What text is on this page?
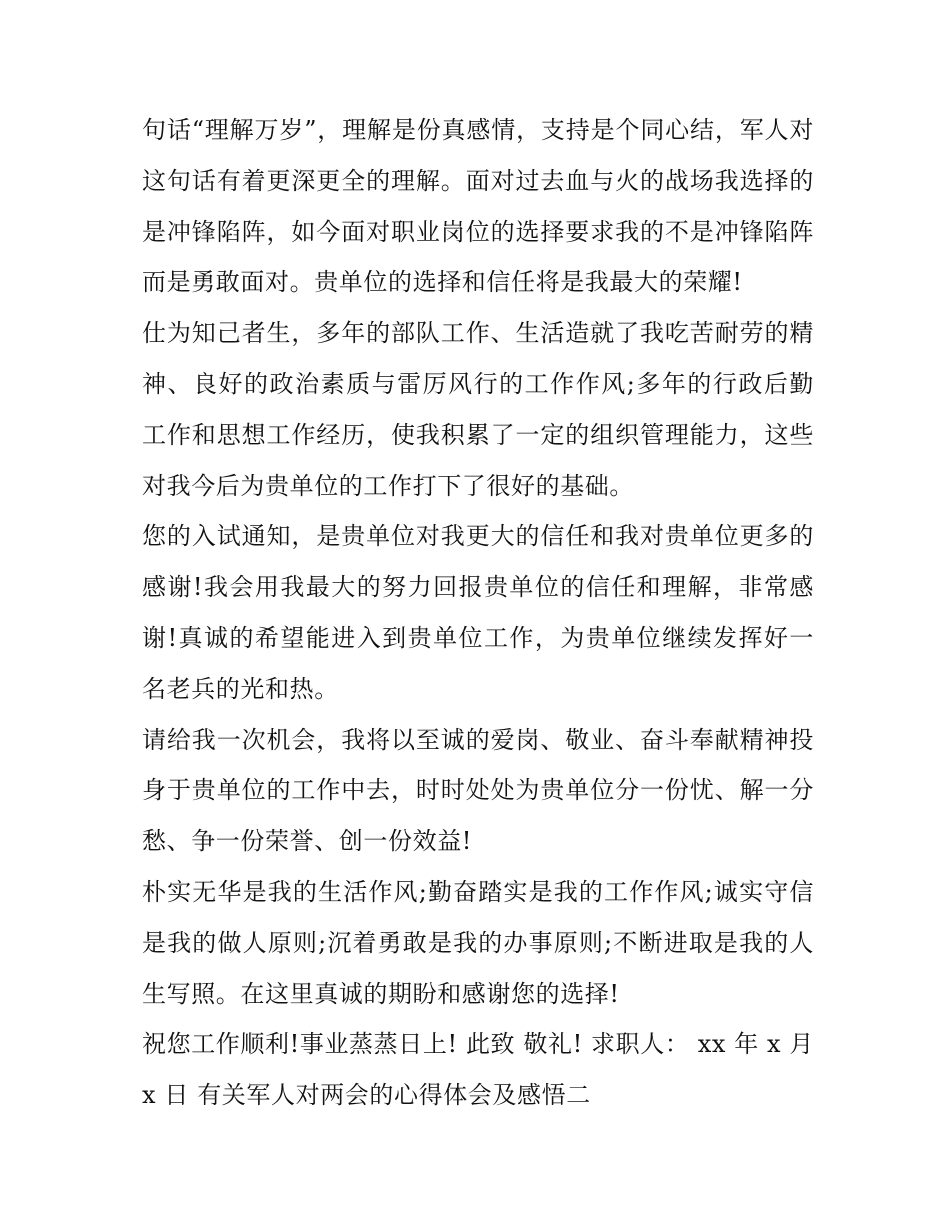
句话“理解万岁”，理解是份真感情，支持是个同心结，军人对这句话有着更深更全的理解。面对过去血与火的战场我选择的是冲锋陷阵，如今面对职业岗位的选择要求我的不是冲锋陷阵而是勇敢面对。贵单位的选择和信任将是我最大的荣耀!

仕为知己者生，多年的部队工作、生活造就了我吃苦耐劳的精神、良好的政治素质与雷厉风行的工作作风;多年的行政后勤工作和思想工作经历，使我积累了一定的组织管理能力，这些对我今后为贵单位的工作打下了很好的基础。

您的入试通知，是贵单位对我更大的信任和我对贵单位更多的感谢!我会用我最大的努力回报贵单位的信任和理解，非常感谢!真诚的希望能进入到贵单位工作，为贵单位继续发挥好一名老兵的光和热。

请给我一次机会，我将以至诚的爱岗、敬业、奋斗奉献精神投身于贵单位的工作中去，时时处处为贵单位分一份忧、解一分愁、争一份荣誉、创一份效益!

朴实无华是我的生活作风;勤奋踏实是我的工作作风;诚实守信是我的做人原则;沉着勇敢是我的办事原则;不断进取是我的人生写照。在这里真诚的期盼和感谢您的选择!

祝您工作顺利!事业蒸蒸日上! 此致 敬礼! 求职人： xx 年 x 月 x 日 有关军人对两会的心得体会及感悟二
